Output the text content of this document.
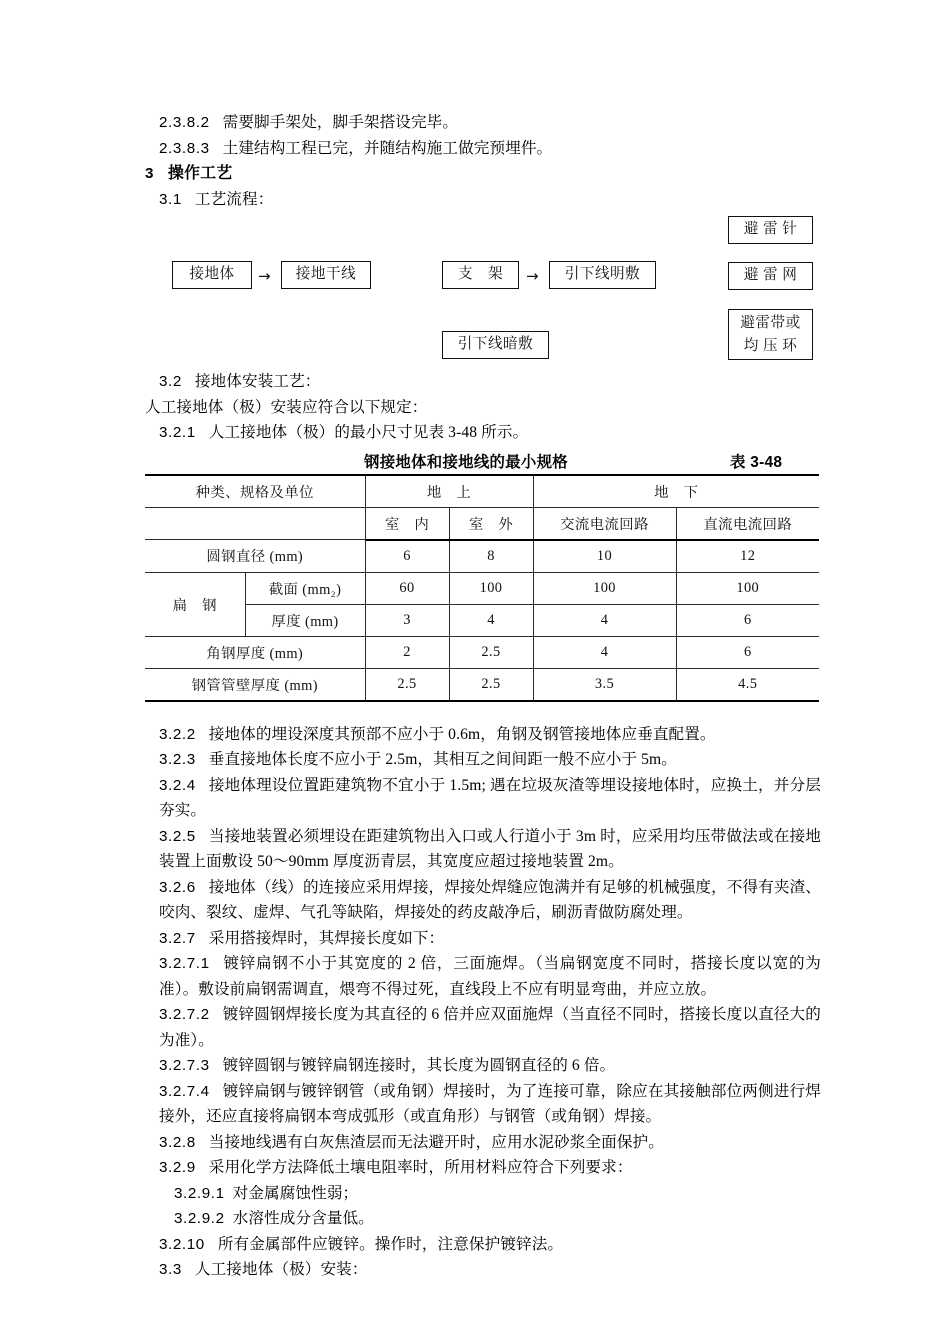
2.3.8.2 需要脚手架处，脚手架搭设完毕。

2.3.8.3 土建结构工程已完，并随结构施工做完预埋件。

3 操作工艺

3.1 工艺流程：

接地体 → 接地干线	支　架 → 引下线明敷
引下线暗敷
避 雷 针
避 雷 网
避雷带或
均 压 环

3.2 接地体安装工艺：

人工接地体（极）安装应符合以下规定：

3.2.1 人工接地体（极）的最小尺寸见表 3-48 所示。

钢接地体和接地线的最小规格	表 3-48
种类、规格及单位		地　上		地　下	
		室　内	室　外	交流电流回路	直流电流回路
圆钢直径 (mm)		6	8	10	12
扁　钢	截面 (mm₂)	60	100	100	100
	厚度 (mm)	3	4	4	6
角钢厚度 (mm)		2	2.5	4	6
钢管管壁厚度 (mm)		2.5	2.5	3.5	4.5

3.2.2 接地体的埋设深度其预部不应小于 0.6m，角钢及钢管接地体应垂直配置。

3.2.3 垂直接地体长度不应小于 2.5m，其相互之间间距一般不应小于 5m。

3.2.4 接地体理设位置距建筑物不宜小于 1.5m; 遇在垃圾灰渣等埋设接地体时，应换土，并分层夯实。

3.2.5 当接地装置必须埋设在距建筑物出入口或人行道小于 3m 时，应采用均压带做法或在接地装置上面敷设 50～90mm 厚度沥青层，其宽度应超过接地装置 2m。

3.2.6 接地体（线）的连接应采用焊接，焊接处焊缝应饱满并有足够的机械强度，不得有夹渣、咬肉、裂纹、虚焊、气孔等缺陷，焊接处的药皮敲净后，刷沥青做防腐处理。

3.2.7 采用搭接焊时，其焊接长度如下：

3.2.7.1 镀锌扁钢不小于其宽度的 2 倍，三面施焊。（当扁钢宽度不同时，搭接长度以宽的为准）。敷设前扁钢需调直，煨弯不得过死，直线段上不应有明显弯曲，并应立放。

3.2.7.2 镀锌圆钢焊接长度为其直径的 6 倍并应双面施焊（当直径不同时，搭接长度以直径大的为准）。

3.2.7.3 镀锌圆钢与镀锌扁钢连接时，其长度为圆钢直径的 6 倍。

3.2.7.4 镀锌扁钢与镀锌钢管（或角钢）焊接时，为了连接可靠，除应在其接触部位两侧进行焊接外，还应直接将扁钢本弯成弧形（或直角形）与钢管（或角钢）焊接。

3.2.8 当接地线遇有白灰焦渣层而无法避开时，应用水泥砂浆全面保护。

3.2.9 采用化学方法降低土壤电阻率时，所用材料应符合下列要求：

3.2.9.1 对金属腐蚀性弱；

3.2.9.2 水溶性成分含量低。

3.2.10 所有金属部件应镀锌。操作时，注意保护镀锌法。

3.3 人工接地体（极）安装：
